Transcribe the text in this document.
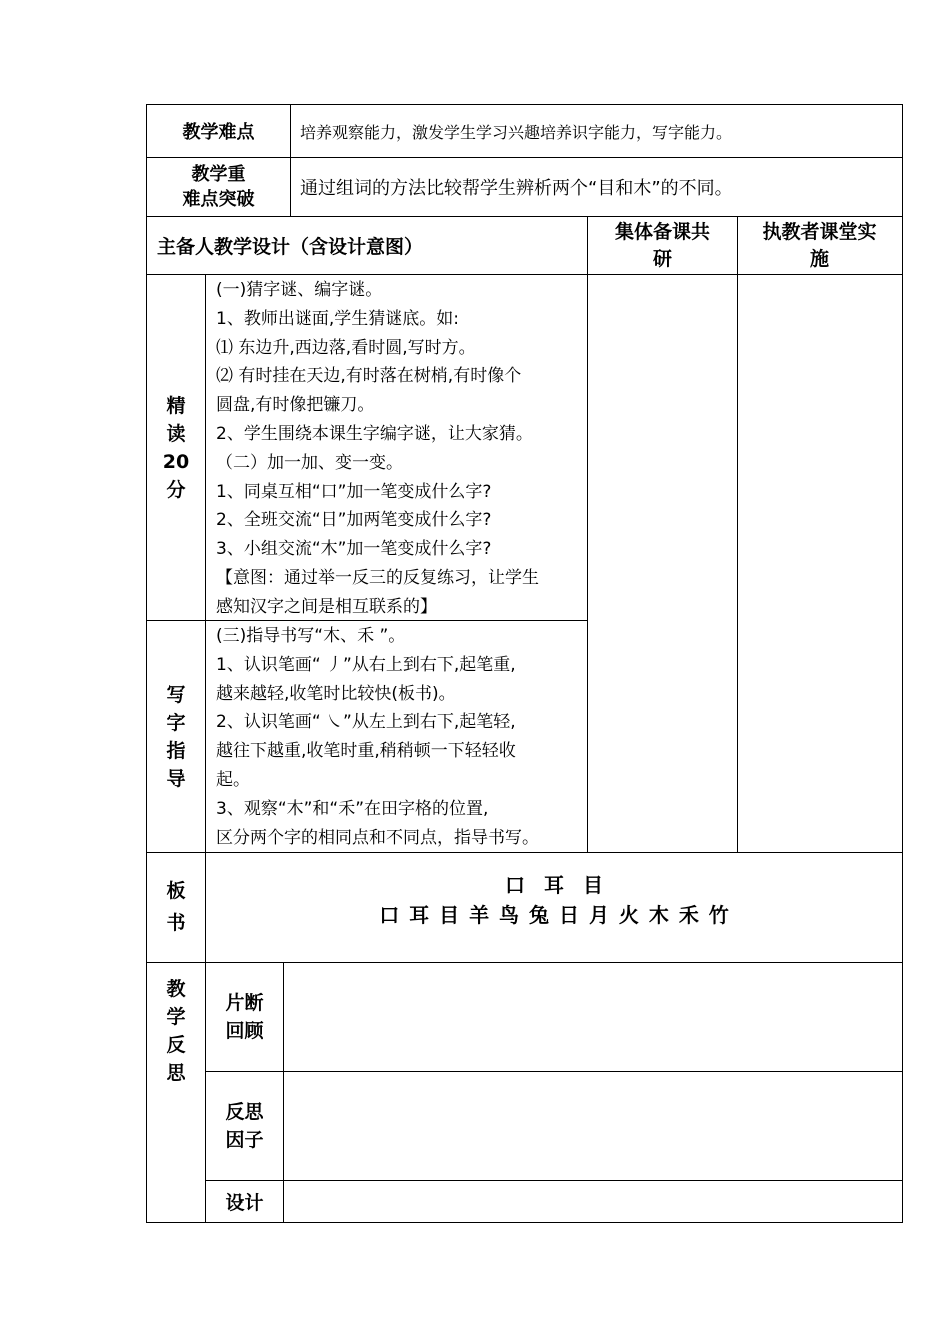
教学难点	培养观察能力，激发学生学习兴趣培养识字能力，写字能力。
教学重
难点突破
通过组词的方法比较帮学生辨析两个“目和木”的不同。
主备人教学设计（含设计意图）
集体备课共
研
执教者课堂实
施
精
读
20
分
(一)猜字谜、编字谜。
1、教师出谜面,学生猜谜底。如:
⑴ 东边升,西边落,看时圆,写时方。
⑵ 有时挂在天边,有时落在树梢,有时像个
圆盘,有时像把镰刀。
2、学生围绕本课生字编字谜，让大家猜。
（二）加一加、变一变。
1、同桌互相“口”加一笔变成什么字?
2、全班交流“日”加两笔变成什么字?
3、小组交流“木”加一笔变成什么字?
【意图：通过举一反三的反复练习，让学生
感知汉字之间是相互联系的】
写
字
指
导
(三)指导书写“木、禾 ”。
1、认识笔画“ 丿”从右上到右下,起笔重,
越来越轻,收笔时比较快(板书)。
2、认识笔画“ ㇏”从左上到右下,起笔轻,
越往下越重,收笔时重,稍稍顿一下轻轻收
起。
3、观察“木”和“禾”在田字格的位置,
区分两个字的相同点和不同点，指导书写。
板
书
口 耳 目
口 耳 目 羊 鸟 兔 日 月 火 木 禾 竹
教
学
反
思
片断
回顾
反思
因子
设计
